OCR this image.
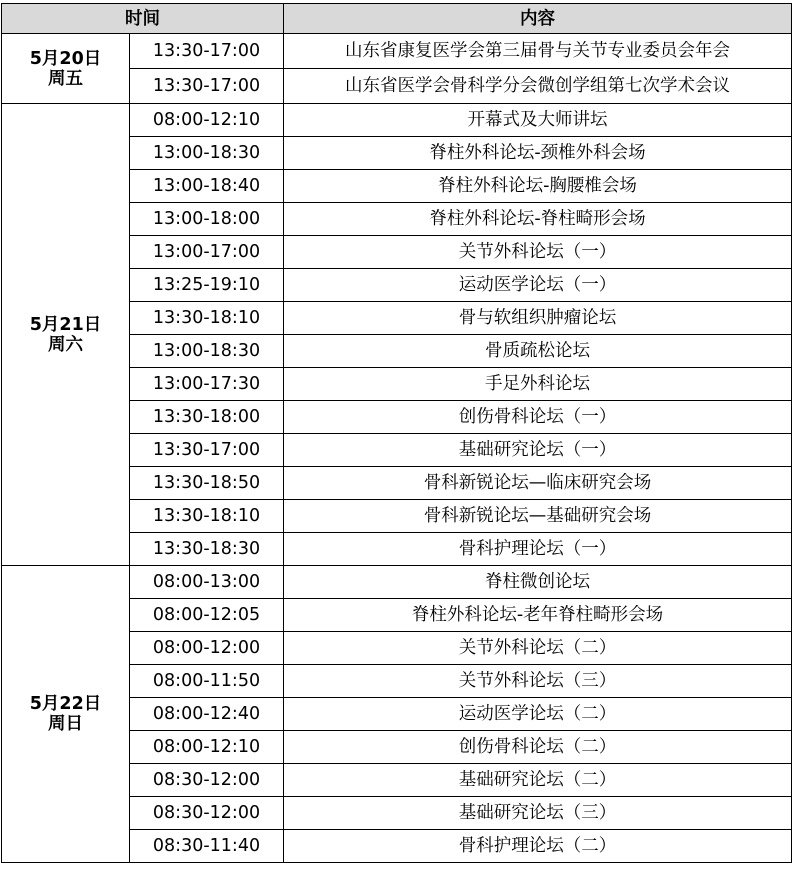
时间		内容

5月20日
周五	13:30-17:00	山东省康复医学会第三届骨与关节专业委员会年会
	13:30-17:00	山东省医学会骨科学分会微创学组第七次学术会议

5月21日
周六	08:00-12:10	开幕式及大师讲坛
	13:00-18:30	脊柱外科论坛-颈椎外科会场
	13:00-18:40	脊柱外科论坛-胸腰椎会场
	13:00-18:00	脊柱外科论坛-脊柱畸形会场
	13:00-17:00	关节外科论坛（一）
	13:25-19:10	运动医学论坛（一）
	13:30-18:10	骨与软组织肿瘤论坛
	13:00-18:30	骨质疏松论坛
	13:00-17:30	手足外科论坛
	13:30-18:00	创伤骨科论坛（一）
	13:30-17:00	基础研究论坛（一）
	13:30-18:50	骨科新锐论坛—临床研究会场
	13:30-18:10	骨科新锐论坛—基础研究会场
	13:30-18:30	骨科护理论坛（一）

5月22日
周日	08:00-13:00	脊柱微创论坛
	08:00-12:05	脊柱外科论坛-老年脊柱畸形会场
	08:00-12:00	关节外科论坛（二）
	08:00-11:50	关节外科论坛（三）
	08:00-12:40	运动医学论坛（二）
	08:00-12:10	创伤骨科论坛（二）
	08:30-12:00	基础研究论坛（二）
	08:30-12:00	基础研究论坛（三）
	08:30-11:40	骨科护理论坛（二）
